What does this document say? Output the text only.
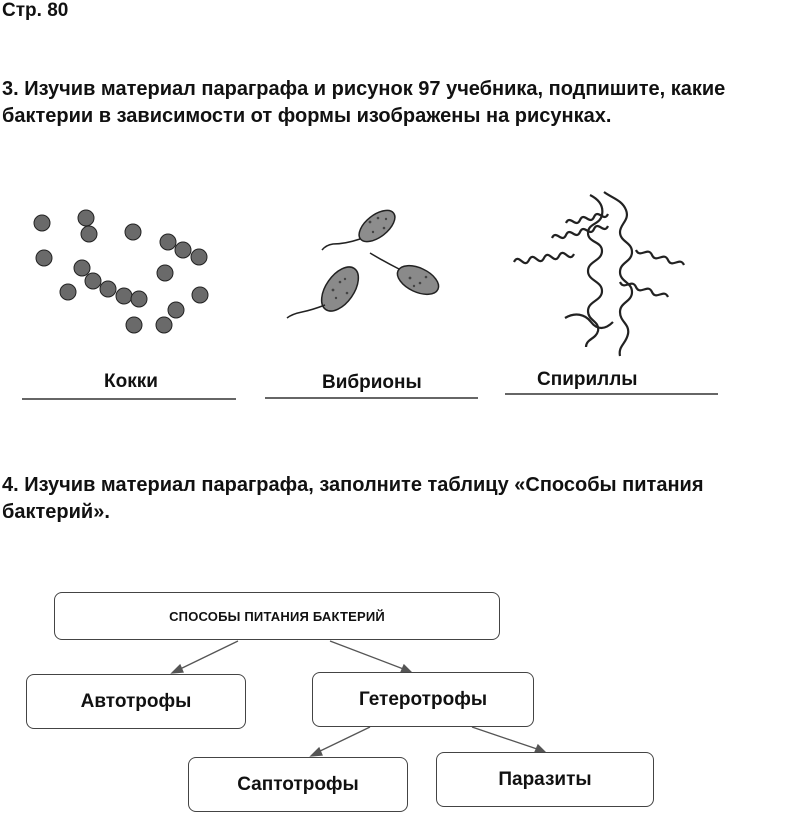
Стр. 80
3. Изучив материал параграфа и рисунок 97 учебника, подпишите, какие бактерии в зависимости от формы изображены на рисунках.
Кокки	Вибрионы	Спириллы
4. Изучив материал параграфа, заполните таблицу «Способы питания бактерий».
СПОСОБЫ ПИТАНИЯ БАКТЕРИЙ
Автотрофы	Гетеротрофы
Саптотрофы	Паразиты
